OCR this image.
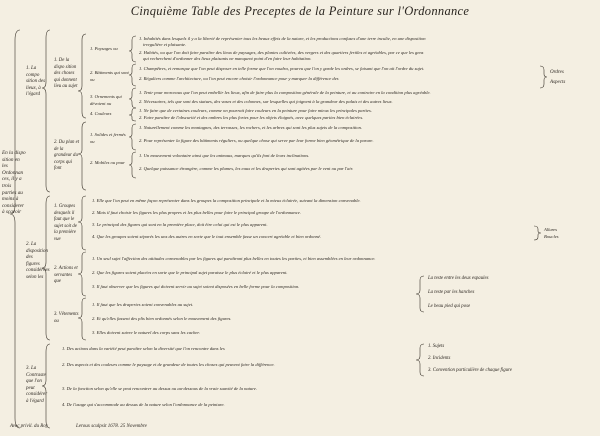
Cinquième Table des Preceptes de la Peinture sur l'Ordonnance
En la dispo sition en les Ordonnan ces, il y a trois parties au moins à considerer à sçavoir
1. La compo sition des lieux, à l'égard
2. La disposition des figures considérées selon les
3. La Contraste que l'on peut considérer à l'égard
1. De la dispo sition des choses qui donnent lieu au sujet
2. Du plan et de la grandeur du corps qui font
1. Groupes desquels il faut que le sujet soit de la première vue
2. Actions et servantes que
3. Vêtements ou
1. Paysages ou
2. Bâtiments qui sont ou
3. Ornements qui dévoient ou
4. Couleurs
1. Solides et fermés ou
2. Mobiles ou pour
1. Inhabités dans lesquels il y a la liberté de représenter tous les beaux effets de la nature, et les productions confuses d'une terre inculte, en une disposition
irregulière et plaisante.
2. Habités, ou que l'on doit faire paraître des lieux de paysages, des plantes cultivées, des vergers et des quartiers fertiles et agréables, par ce que les gens
qui recherchent d'ordonner des lieux plaisants ne manquent point d'en faire leur habitation.
1. Champêtres, et remarque que l'on peut disposer en telle forme que l'on voudra, pourvu que l'on y garde les ordres, se faisant que l'on ait l'ordre du sujet.
2. Réguliers comme l'architecture, ou l'on peut encore choisir l'ordonnance pour y marquer la différence des
1. Tenir pour morceaux que l'on peut embellir les lieux, afin de faire plus la composition générale de la peinture, et au contraire en la condition plus agréable.
2. Nécessaires, tels que sont des statues, des vases et des colonnes, sur lesquelles qui joignent à la grandeur des palais et des autres lieux.
1. Ne faire que de certaines couleurs, comme on pourrait faire couleurs en la peinture pour faire mieux les principales parties.
2. Faire paraître de l'obscurité et des ombres les plus fortes pour les objets éloignés, avec quelques parties bien éclairées.
1. Naturellement comme les montagnes, des terrasses, les rochers, et les arbres qui sont les plus sujets de la composition.
2. Pour représenter la figure des bâtiments réguliers, ou quelque chose qui serve par leur forme bien géométrique de la parure.
1. Un mouvement volontaire ainsi que les animaux, marques qu'ils font de leurs inclinations.
2. Quelque puissance étrangère, comme les plumes, les eaux et les draperies qui sont agitées par le vent ou par l'air.
1. Elle que l'on peut en même façon représenter dans les groupes la composition principale et la mieux éclairée, suivant la dimension convenable.
2. Mais il faut choisir les figures les plus propres et les plus belles pour faire le principal groupe de l'ordonnance.
3. Le principal des figures qui sont en la première place, doit être celui qui est le plus apparent.
4. Que les groupes soient séparés les uns des autres en sorte que le tout ensemble fasse un concert agréable et bien ordonné.
1. Un seul sujet l'affection des attitudes convenables par les figures qui paraîtront plus belles en toutes les parties, et bien assemblées en leur ordonnance.
2. Que les figures soient placées en sorte que le principal sujet paraisse le plus éclairé et le plus apparent.
3. Il faut observer que les figures qui doivent servir au sujet soient disposées en belle forme pour la composition.
1. Il faut que les draperies soient convenables au sujet.
2. Et qu'elles fassent des plis bien ordonnés selon le mouvement des figures.
3. Elles doivent suivre le naturel des corps sans les cacher.
1. Des actions dans la variété peut paraître selon la diversité que l'on rencontre dans les
2. Des aspects et des couleurs comme le paysage et de grandeur de toutes les choses qui peuvent faire la différence.
3. De la fonction selon qu'elle se peut rencontrer au dessus ou au-dessous de la vraie suavité de la nature.
4. De l'usage qui s'accommode au dessus de la nature selon l'ordonnance de la peinture.
Ordres
Aspects
Allures
Boucles
La teste entre les deux espaules
La teste par les hanches
Le beau pied qui pose
1. Sujets
2. Incidents
3. Convention particulière de chaque figure
Avec privil. du Roy	Leroux sculpsit 1678. 25 Novembre
